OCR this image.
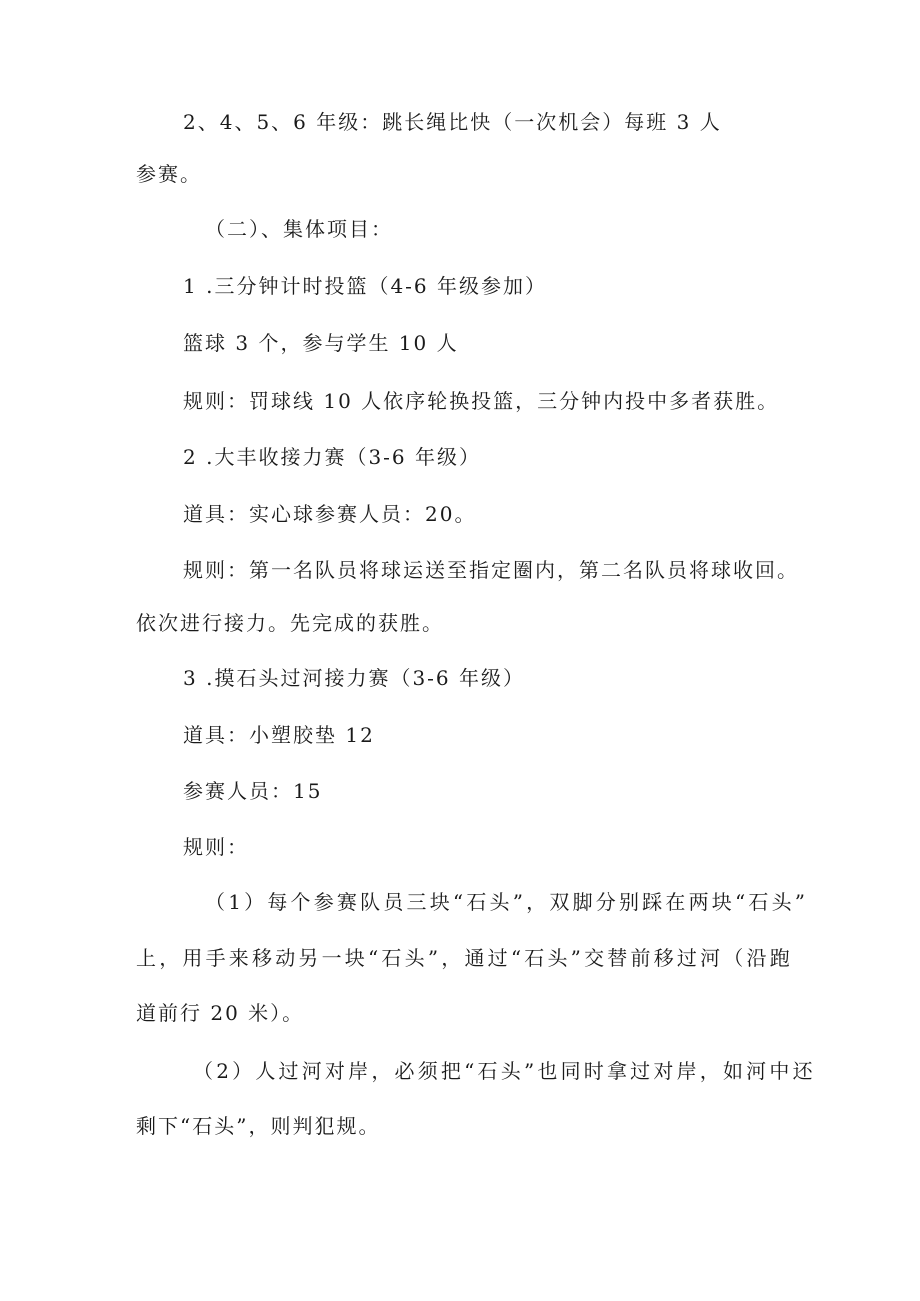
2、4、5、6 年级：跳长绳比快（一次机会）每班 3 人
参赛。
（二）、集体项目：
1 .三分钟计时投篮（4-6 年级参加）
篮球 3 个，参与学生 10 人
规则：罚球线 10 人依序轮换投篮，三分钟内投中多者获胜。
2 .大丰收接力赛（3-6 年级）
道具：实心球参赛人员：20。
规则：第一名队员将球运送至指定圈内，第二名队员将球收回。
依次进行接力。先完成的获胜。
3 .摸石头过河接力赛（3-6 年级）
道具：小塑胶垫 12
参赛人员：15
规则：
（1）每个参赛队员三块“石头”，双脚分别踩在两块“石头”
上，用手来移动另一块“石头”，通过“石头”交替前移过河（沿跑
道前行 20 米）。
（2）人过河对岸，必须把“石头”也同时拿过对岸，如河中还
剩下“石头”，则判犯规。
